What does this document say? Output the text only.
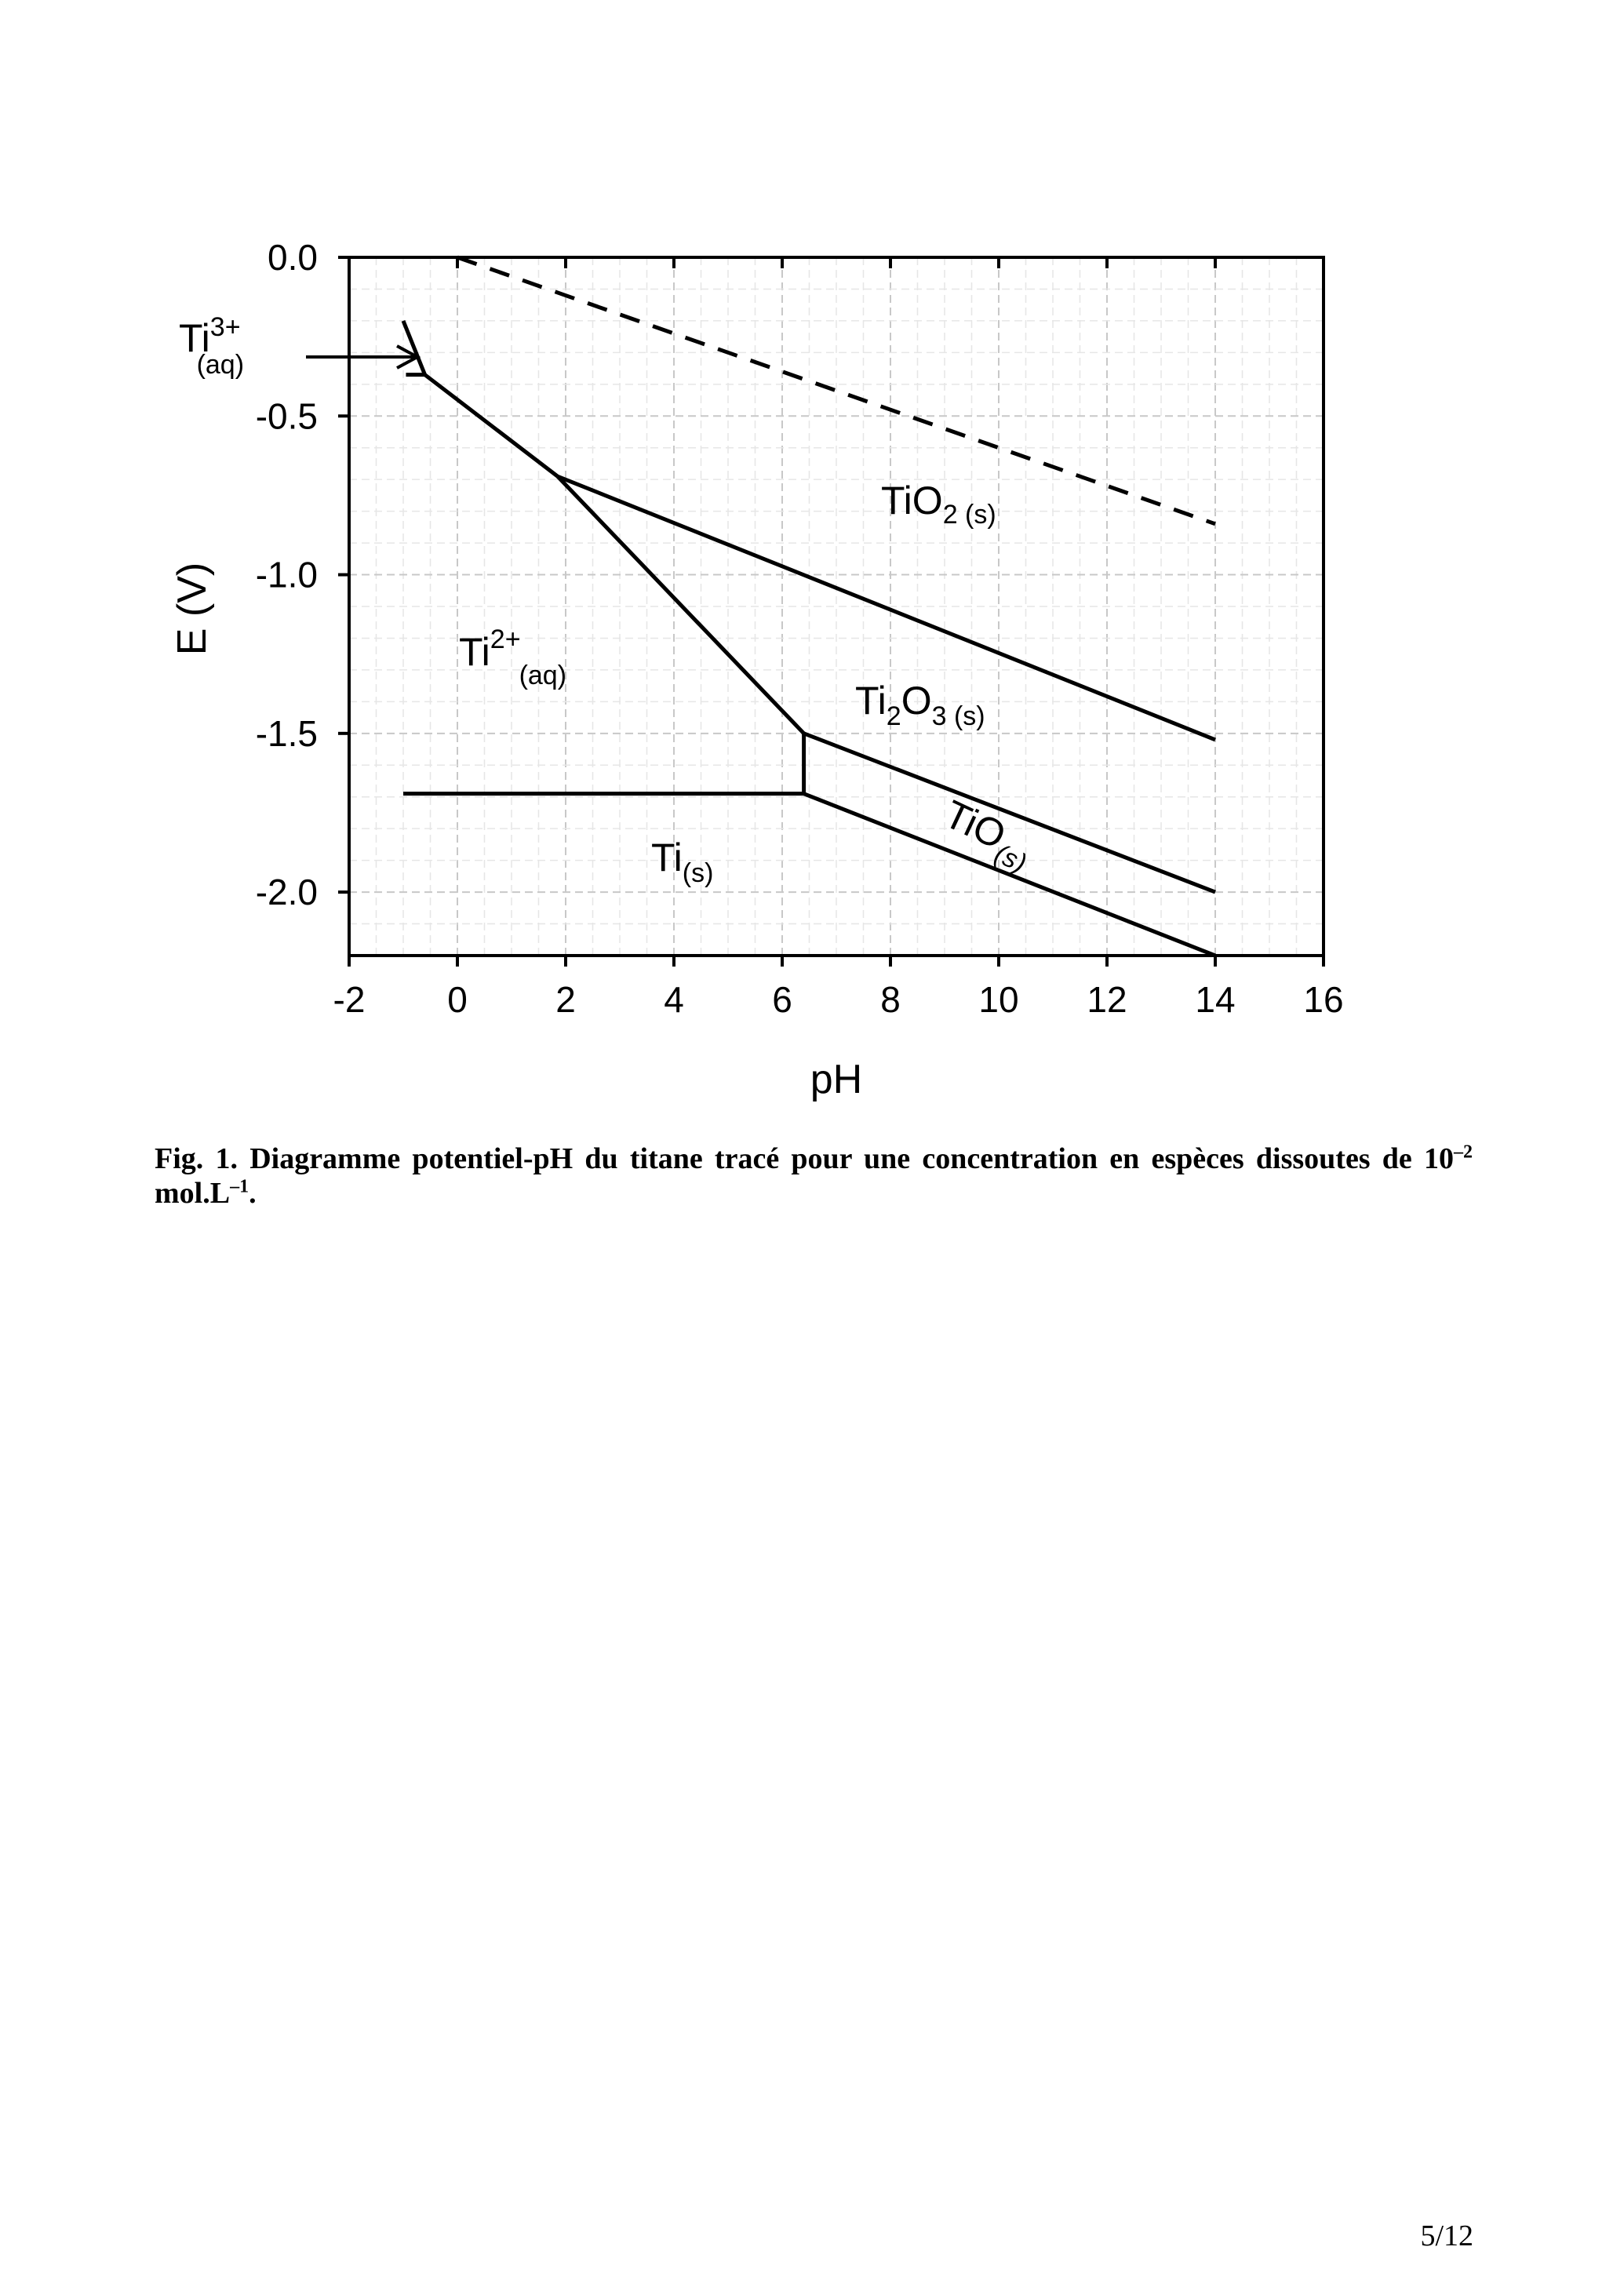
-2 0 2 4 6 8 10 12 14 16
0.0
-0.5
-1.0
-1.5
-2.0
pH
E (V)
Ti3+ (aq)
TiO2 (s)
Ti2+ (aq)
Ti2O3 (s)
TiO(s)
Ti(s)
Fig. 1. Diagramme potentiel-pH du titane tracé pour une concentration en espèces dissoutes de $10^{-2}$ $mol.L^{-1}$.
5/12
